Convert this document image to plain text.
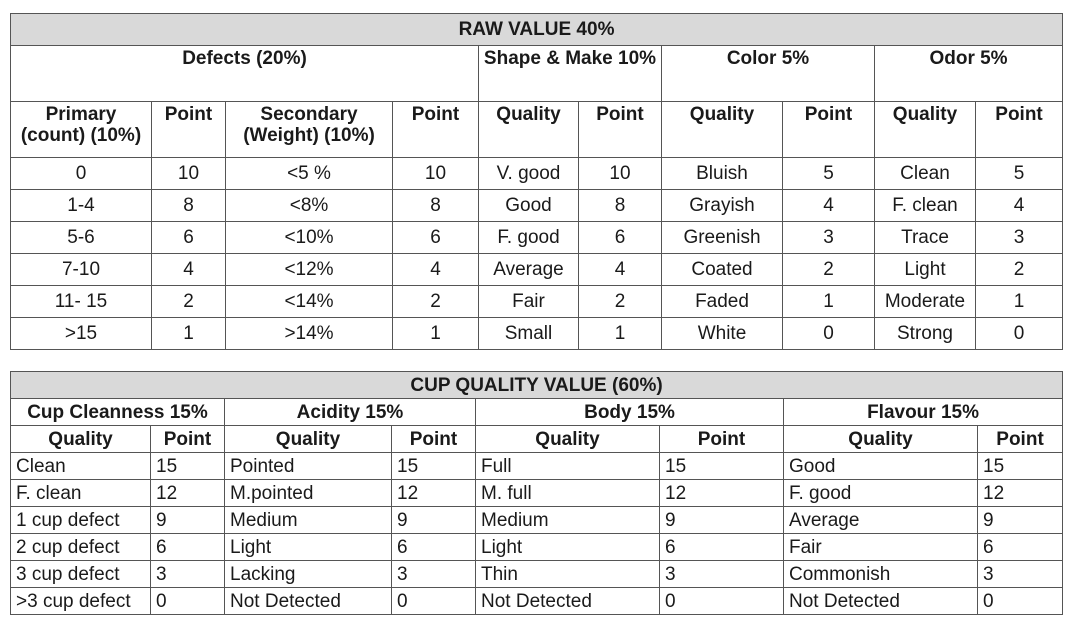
RAW VALUE 40%									
Defects (20%)				Shape & Make 10%		Color 5%		Odor 5%	
Primary (count) (10%)	Point	Secondary (Weight) (10%)	Point	Quality	Point	Quality	Point	Quality	Point
0	10	<5 %	10	V. good	10	Bluish	5	Clean	5
1-4	8	<8%	8	Good	8	Grayish	4	F. clean	4
5-6	6	<10%	6	F. good	6	Greenish	3	Trace	3
7-10	4	<12%	4	Average	4	Coated	2	Light	2
11- 15	2	<14%	2	Fair	2	Faded	1	Moderate	1
>15	1	>14%	1	Small	1	White	0	Strong	0
CUP QUALITY VALUE (60%)							
Cup Cleanness 15%		Acidity 15%		Body 15%		Flavour 15%	
Quality	Point	Quality	Point	Quality	Point	Quality	Point
Clean	15	Pointed	15	Full	15	Good	15
F. clean	12	M.pointed	12	M. full	12	F. good	12
1 cup defect	9	Medium	9	Medium	9	Average	9
2 cup defect	6	Light	6	Light	6	Fair	6
3 cup defect	3	Lacking	3	Thin	3	Commonish	3
>3 cup defect	0	Not Detected	0	Not Detected	0	Not Detected	0
